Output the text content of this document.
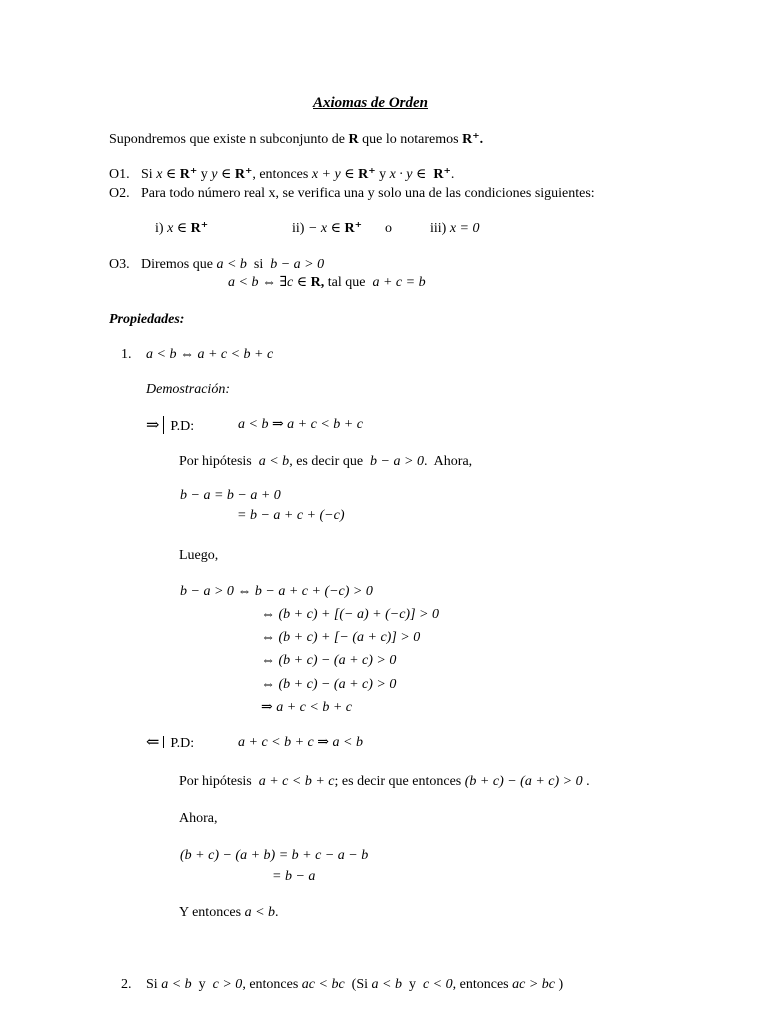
Axiomas de Orden
Supondremos que existe n subconjunto de R que lo notaremos R⁺.
O1. Si x ∈ R⁺ y y ∈ R⁺, entonces x + y ∈ R⁺ y x · y ∈ R⁺.
O2. Para todo número real x, se verifica una y solo una de las condiciones siguientes:
i) x ∈ R⁺	ii) − x ∈ R⁺ o	iii) x = 0
O3. Diremos que a < b si b − a > 0
a < b ⇔ ∃c ∈ R, tal que a + c = b
Propiedades:
1. a < b ⇔ a + c < b + c
Demostración:
⇒ P.D:	a < b ⇒ a + c < b + c
Por hipótesis a < b, es decir que b − a > 0.  Ahora,
b − a = b − a + 0
= b − a + c + (−c)
Luego,
b − a > 0 ⇔ b − a + c + (−c) > 0
⇔ (b + c) + [(− a) + (−c)] > 0
⇔ (b + c) + [− (a + c)] > 0
⇔ (b + c) − (a + c) > 0
⇔ (b + c) − (a + c) > 0
⇒ a + c < b + c
⇐ P.D:	a + c < b + c ⇒ a < b
Por hipótesis a + c < b + c; es decir que entonces (b + c) − (a + c) > 0 .
Ahora,
(b + c) − (a + b) = b + c − a − b
= b − a
Y entonces a < b.
2. Si a < b y c > 0, entonces ac < bc (Si a < b y c < 0, entonces ac > bc )
